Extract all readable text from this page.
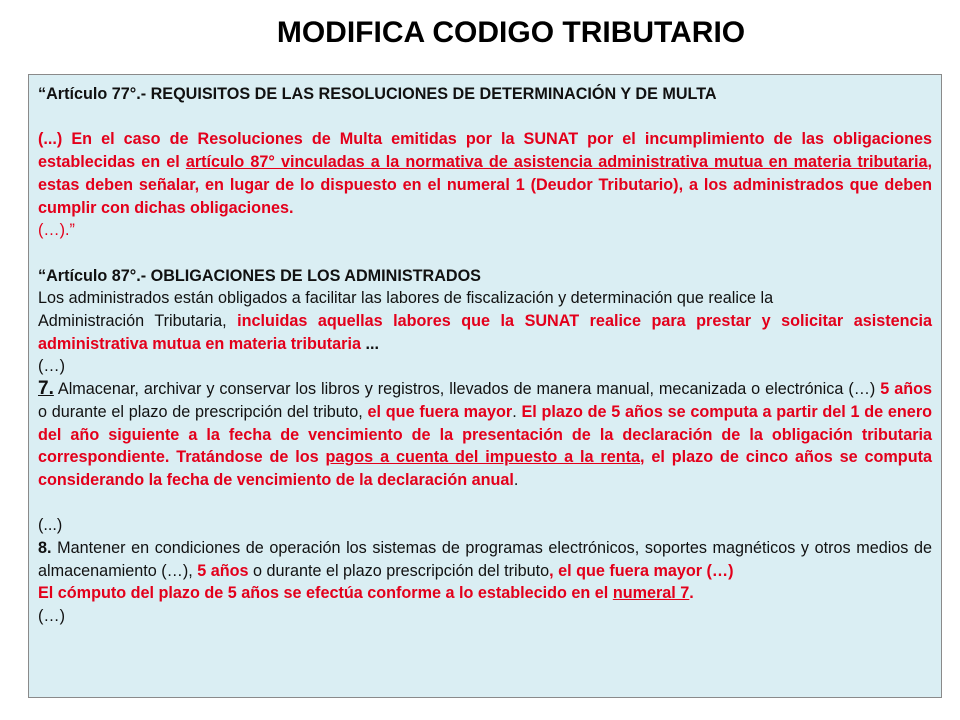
MODIFICA CODIGO TRIBUTARIO

“Artículo 77°.- REQUISITOS DE LAS RESOLUCIONES DE DETERMINACIÓN Y DE MULTA

(...) En el caso de Resoluciones de Multa emitidas por la SUNAT por el incumplimiento de las obligaciones establecidas en el artículo 87° vinculadas a la normativa de asistencia administrativa mutua en materia tributaria, estas deben señalar, en lugar de lo dispuesto en el numeral 1 (Deudor Tributario), a los administrados que deben cumplir con dichas obligaciones.

(…).”

“Artículo 87°.- OBLIGACIONES DE LOS ADMINISTRADOS

Los administrados están obligados a facilitar las labores de fiscalización y determinación que realice la

Administración Tributaria, incluidas aquellas labores que la SUNAT realice para prestar y solicitar asistencia administrativa mutua en materia tributaria ...

(…)

7. Almacenar, archivar y conservar los libros y registros, llevados de manera manual, mecanizada o electrónica (…) 5 años o durante el plazo de prescripción del tributo, el que fuera mayor. El plazo de 5 años se computa a partir del 1 de enero del año siguiente a la fecha de vencimiento de la presentación de la declaración de la obligación tributaria correspondiente. Tratándose de los pagos a cuenta del impuesto a la renta, el plazo de cinco años se computa considerando la fecha de vencimiento de la declaración anual.

(...)

8. Mantener en condiciones de operación los sistemas de programas electrónicos, soportes magnéticos y otros medios de almacenamiento (…), 5 años o durante el plazo prescripción del tributo, el que fuera mayor (…)

El cómputo del plazo de 5 años se efectúa conforme a lo establecido en el numeral 7.

(…)
